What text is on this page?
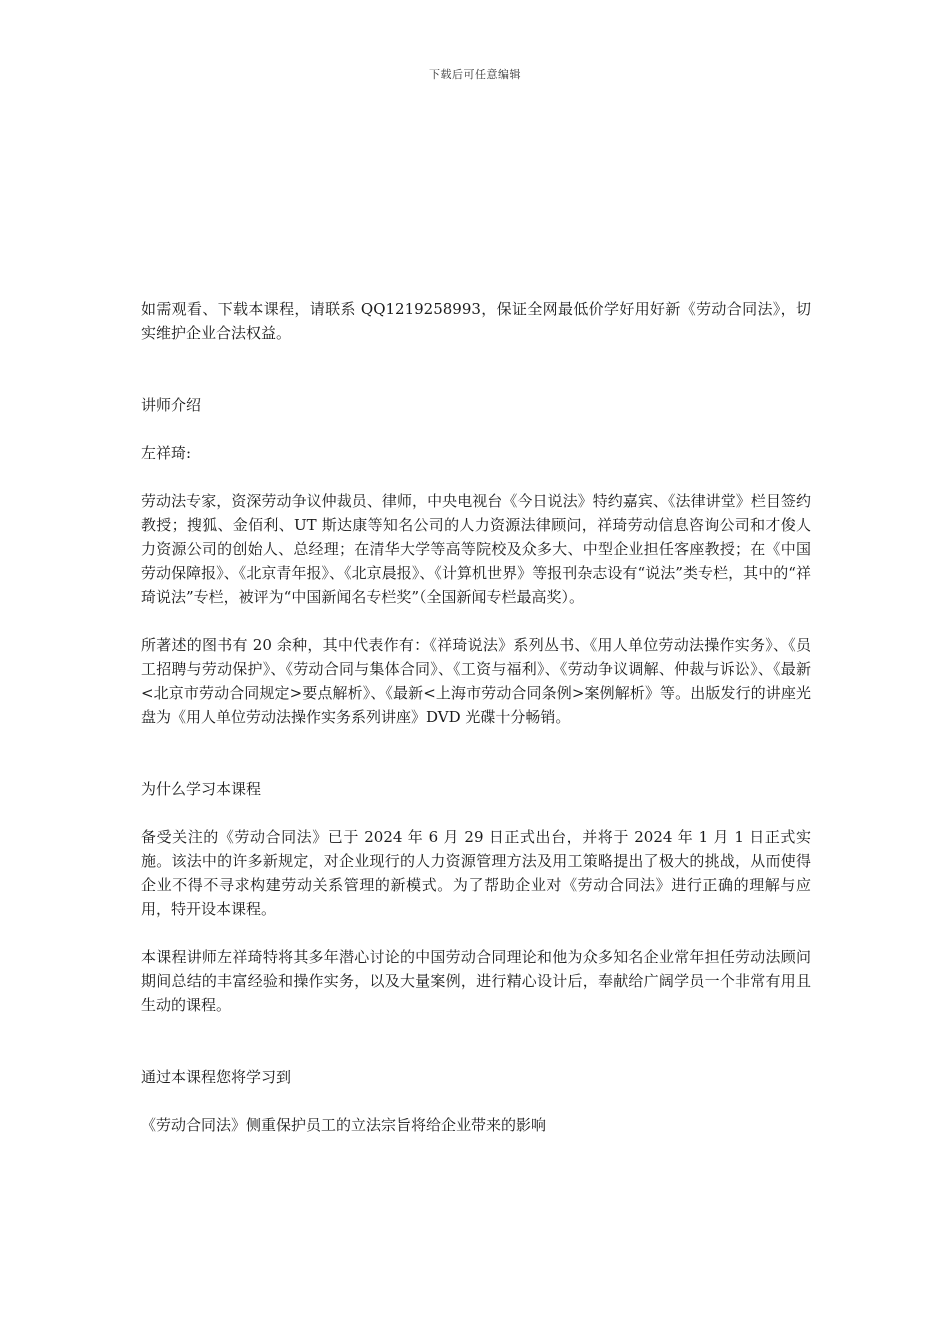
下载后可任意编辑

如需观看、下载本课程，请联系 QQ1219258993，保证全网最低价学好用好新《劳动合同法》，切实维护企业合法权益。

讲师介绍

左祥琦:

劳动法专家，资深劳动争议仲裁员、律师，中央电视台《今日说法》特约嘉宾、《法律讲堂》栏目签约教授；搜狐、金佰利、UT 斯达康等知名公司的人力资源法律顾问，祥琦劳动信息咨询公司和才俊人力资源公司的创始人、总经理；在清华大学等高等院校及众多大、中型企业担任客座教授；在《中国劳动保障报》、《北京青年报》、《北京晨报》、《计算机世界》等报刊杂志设有“说法”类专栏，其中的“祥琦说法”专栏，被评为“中国新闻名专栏奖”（全国新闻专栏最高奖）。

所著述的图书有 20 余种，其中代表作有：《祥琦说法》系列丛书、《用人单位劳动法操作实务》、《员工招聘与劳动保护》、《劳动合同与集体合同》、《工资与福利》、《劳动争议调解、仲裁与诉讼》、《最新<北京市劳动合同规定>要点解析》、《最新<上海市劳动合同条例>案例解析》等。出版发行的讲座光盘为《用人单位劳动法操作实务系列讲座》DVD 光碟十分畅销。

为什么学习本课程

备受关注的《劳动合同法》已于 2024 年 6 月 29 日正式出台，并将于 2024 年 1 月 1 日正式实施。该法中的许多新规定，对企业现行的人力资源管理方法及用工策略提出了极大的挑战，从而使得企业不得不寻求构建劳动关系管理的新模式。为了帮助企业对《劳动合同法》进行正确的理解与应用，特开设本课程。

本课程讲师左祥琦特将其多年潜心讨论的中国劳动合同理论和他为众多知名企业常年担任劳动法顾问期间总结的丰富经验和操作实务，以及大量案例，进行精心设计后，奉献给广阔学员一个非常有用且生动的课程。

通过本课程您将学习到

《劳动合同法》侧重保护员工的立法宗旨将给企业带来的影响
